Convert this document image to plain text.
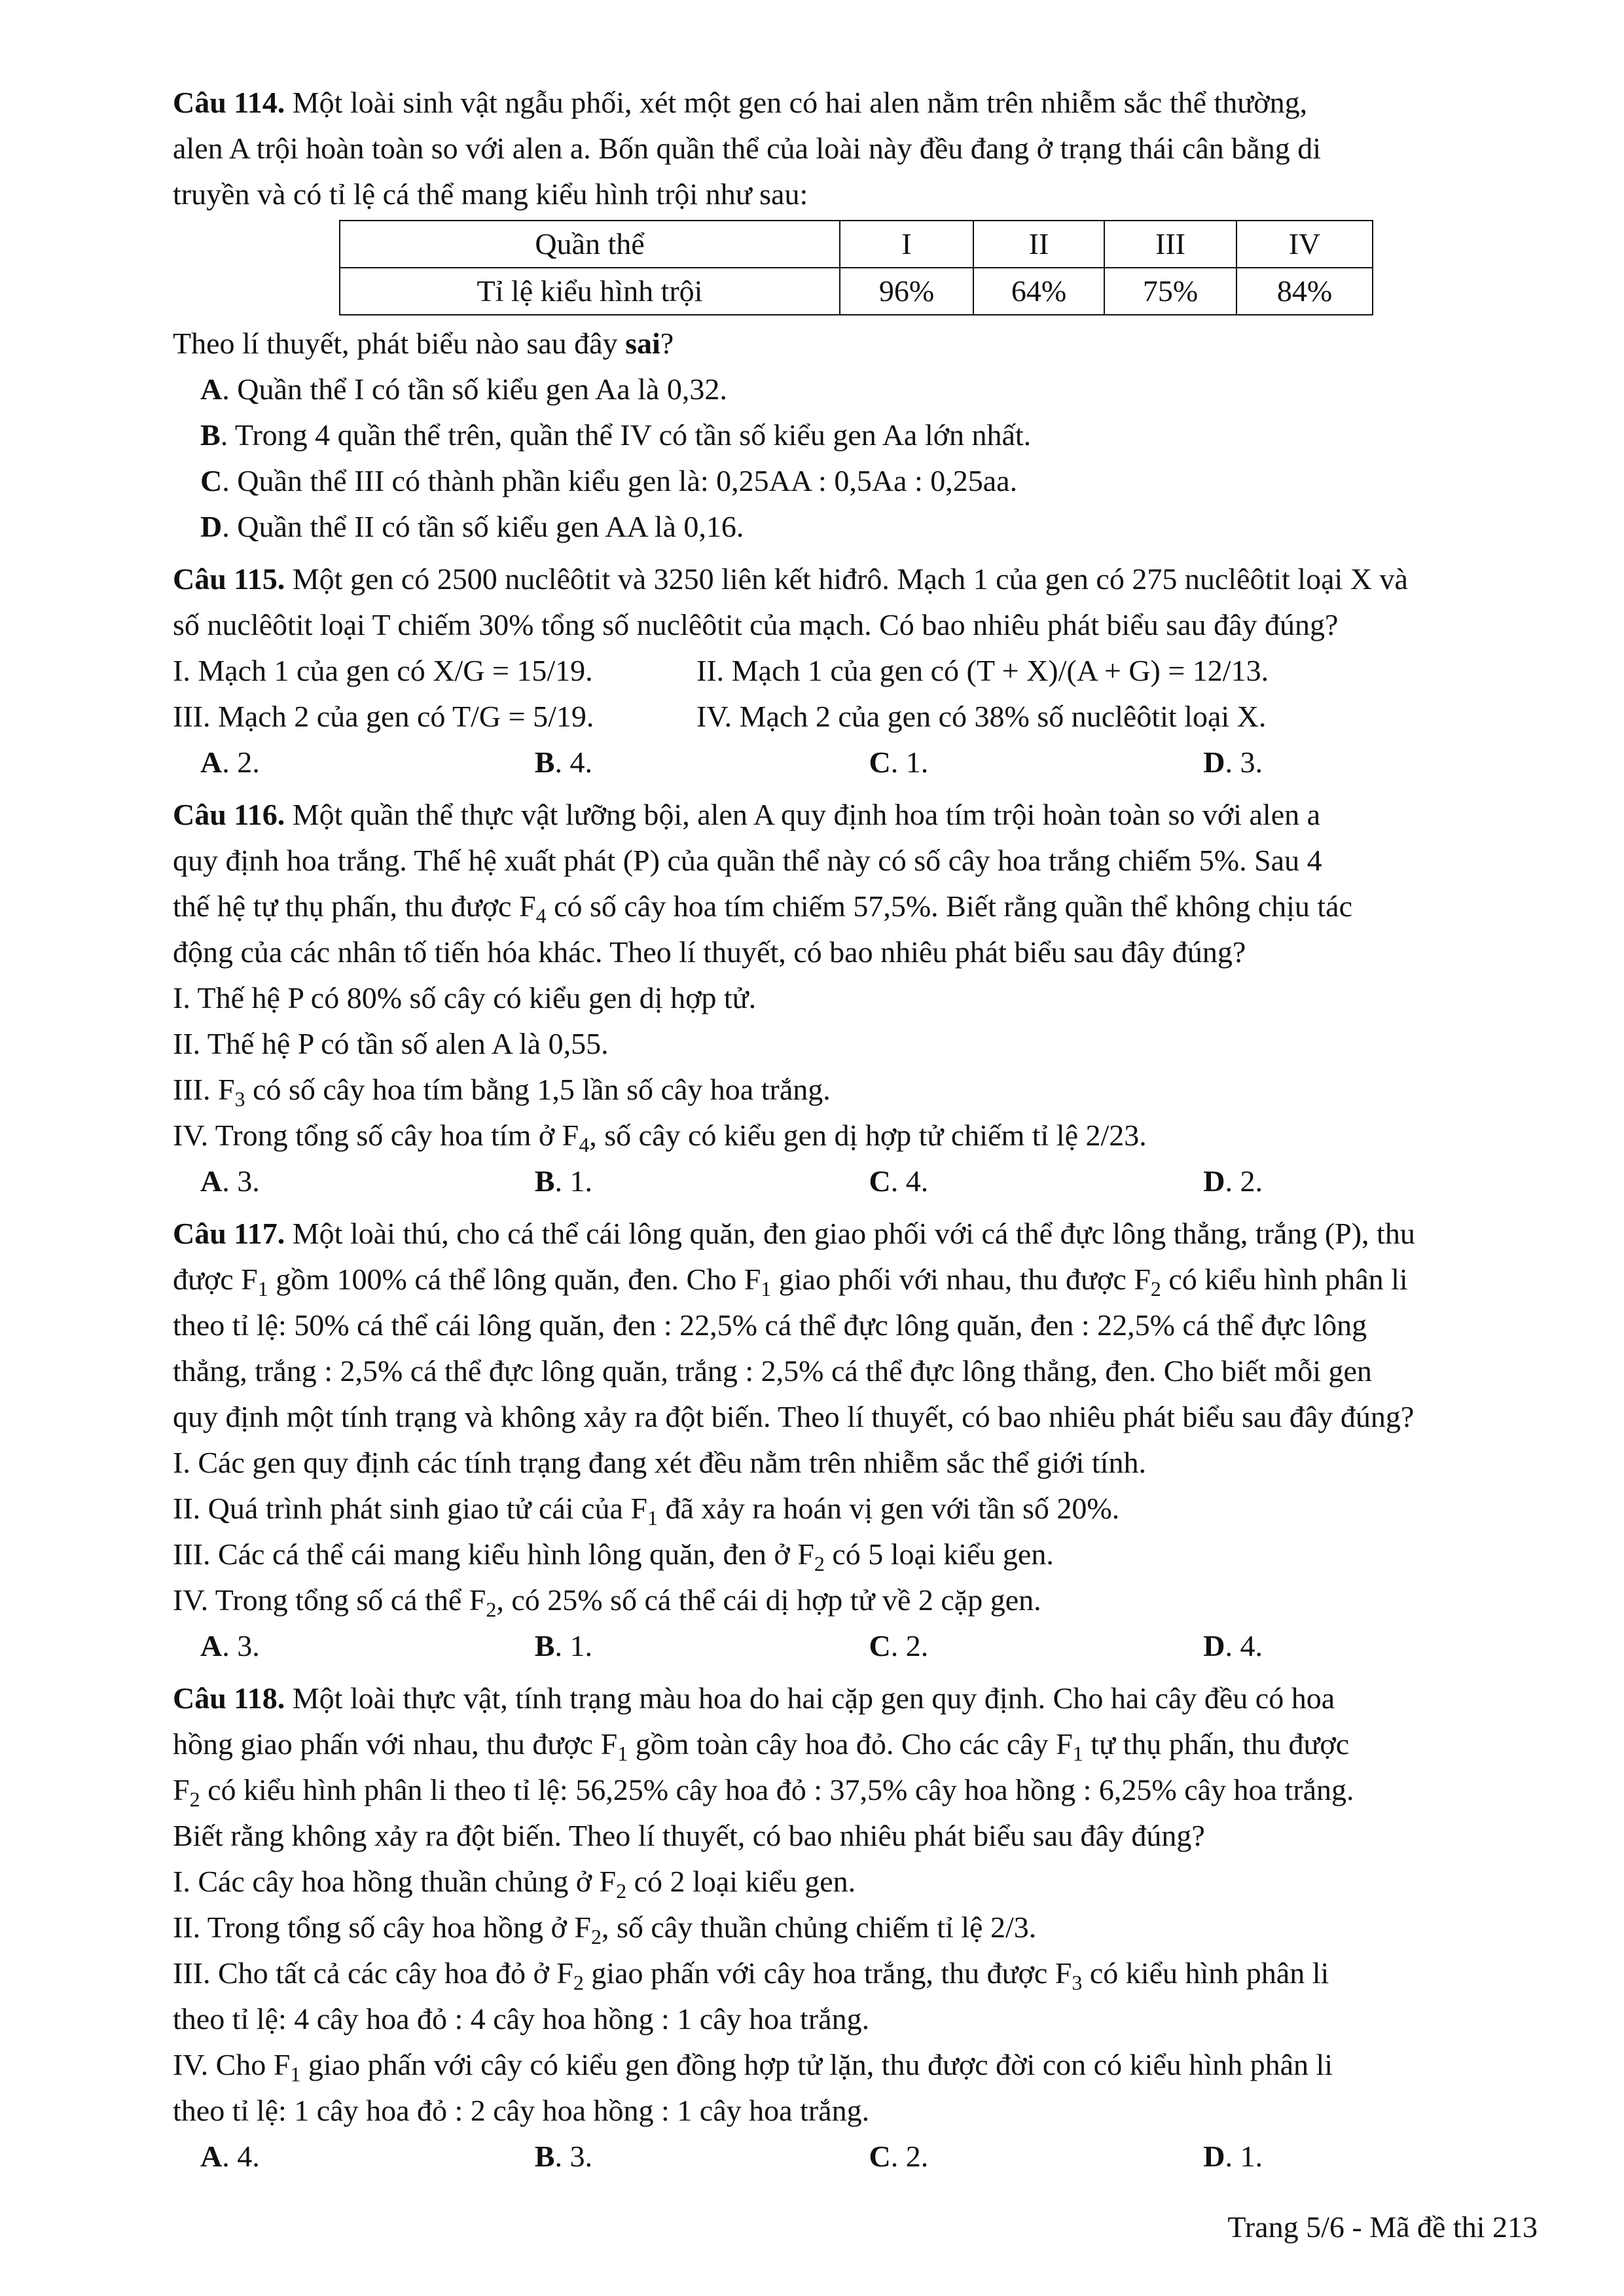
Câu 114. Một loài sinh vật ngẫu phối, xét một gen có hai alen nằm trên nhiễm sắc thể thường,
alen A trội hoàn toàn so với alen a. Bốn quần thể của loài này đều đang ở trạng thái cân bằng di
truyền và có tỉ lệ cá thể mang kiểu hình trội như sau:
Quần thể	I	II	III	IV
Tỉ lệ kiểu hình trội	96%	64%	75%	84%
Theo lí thuyết, phát biểu nào sau đây sai?
A. Quần thể I có tần số kiểu gen Aa là 0,32.
B. Trong 4 quần thể trên, quần thể IV có tần số kiểu gen Aa lớn nhất.
C. Quần thể III có thành phần kiểu gen là: 0,25AA : 0,5Aa : 0,25aa.
D. Quần thể II có tần số kiểu gen AA là 0,16.
Câu 115. Một gen có 2500 nuclêôtit và 3250 liên kết hiđrô. Mạch 1 của gen có 275 nuclêôtit loại X và
số nuclêôtit loại T chiếm 30% tổng số nuclêôtit của mạch. Có bao nhiêu phát biểu sau đây đúng?
I. Mạch 1 của gen có X/G = 15/19.	II. Mạch 1 của gen có (T + X)/(A + G) = 12/13.
III. Mạch 2 của gen có T/G = 5/19.	IV. Mạch 2 của gen có 38% số nuclêôtit loại X.
A. 2.	B. 4.	C. 1.	D. 3.
Câu 116. Một quần thể thực vật lưỡng bội, alen A quy định hoa tím trội hoàn toàn so với alen a
quy định hoa trắng. Thế hệ xuất phát (P) của quần thể này có số cây hoa trắng chiếm 5%. Sau 4
thế hệ tự thụ phấn, thu được $F_4$ có số cây hoa tím chiếm 57,5%. Biết rằng quần thể không chịu tác
động của các nhân tố tiến hóa khác. Theo lí thuyết, có bao nhiêu phát biểu sau đây đúng?
I. Thế hệ P có 80% số cây có kiểu gen dị hợp tử.
II. Thế hệ P có tần số alen A là 0,55.
III. $F_3$ có số cây hoa tím bằng 1,5 lần số cây hoa trắng.
IV. Trong tổng số cây hoa tím ở $F_4$, số cây có kiểu gen dị hợp tử chiếm tỉ lệ 2/23.
A. 3.	B. 1.	C. 4.	D. 2.
Câu 117. Một loài thú, cho cá thể cái lông quăn, đen giao phối với cá thể đực lông thẳng, trắng (P), thu
được $F_1$ gồm 100% cá thể lông quăn, đen. Cho $F_1$ giao phối với nhau, thu được $F_2$ có kiểu hình phân li
theo tỉ lệ: 50% cá thể cái lông quăn, đen : 22,5% cá thể đực lông quăn, đen : 22,5% cá thể đực lông
thẳng, trắng : 2,5% cá thể đực lông quăn, trắng : 2,5% cá thể đực lông thẳng, đen. Cho biết mỗi gen
quy định một tính trạng và không xảy ra đột biến. Theo lí thuyết, có bao nhiêu phát biểu sau đây đúng?
I. Các gen quy định các tính trạng đang xét đều nằm trên nhiễm sắc thể giới tính.
II. Quá trình phát sinh giao tử cái của $F_1$ đã xảy ra hoán vị gen với tần số 20%.
III. Các cá thể cái mang kiểu hình lông quăn, đen ở $F_2$ có 5 loại kiểu gen.
IV. Trong tổng số cá thể $F_2$, có 25% số cá thể cái dị hợp tử về 2 cặp gen.
A. 3.	B. 1.	C. 2.	D. 4.
Câu 118. Một loài thực vật, tính trạng màu hoa do hai cặp gen quy định. Cho hai cây đều có hoa
hồng giao phấn với nhau, thu được $F_1$ gồm toàn cây hoa đỏ. Cho các cây $F_1$ tự thụ phấn, thu được
$F_2$ có kiểu hình phân li theo tỉ lệ: 56,25% cây hoa đỏ : 37,5% cây hoa hồng : 6,25% cây hoa trắng.
Biết rằng không xảy ra đột biến. Theo lí thuyết, có bao nhiêu phát biểu sau đây đúng?
I. Các cây hoa hồng thuần chủng ở $F_2$ có 2 loại kiểu gen.
II. Trong tổng số cây hoa hồng ở $F_2$, số cây thuần chủng chiếm tỉ lệ 2/3.
III. Cho tất cả các cây hoa đỏ ở $F_2$ giao phấn với cây hoa trắng, thu được $F_3$ có kiểu hình phân li
theo tỉ lệ: 4 cây hoa đỏ : 4 cây hoa hồng : 1 cây hoa trắng.
IV. Cho $F_1$ giao phấn với cây có kiểu gen đồng hợp tử lặn, thu được đời con có kiểu hình phân li
theo tỉ lệ: 1 cây hoa đỏ : 2 cây hoa hồng : 1 cây hoa trắng.
A. 4.	B. 3.	C. 2.	D. 1.
Trang 5/6 - Mã đề thi 213
